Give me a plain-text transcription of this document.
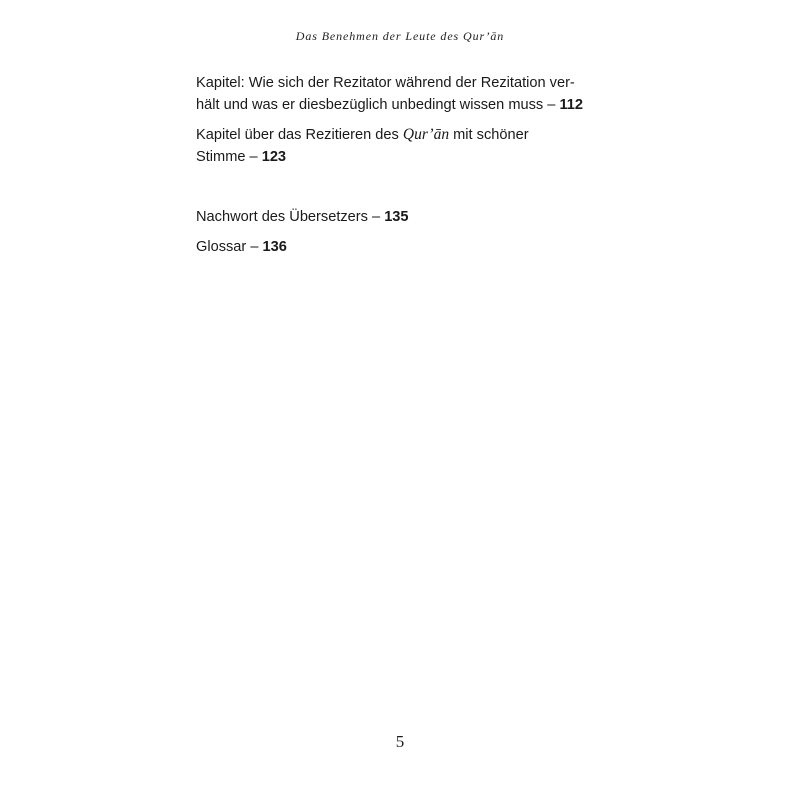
Das Benehmen der Leute des Qur’ān
Kapitel: Wie sich der Rezitator während der Rezitation ver-
hält und was er diesbezüglich unbedingt wissen muss – 112
Kapitel über das Rezitieren des Qur’ān mit schöner
Stimme – 123
Nachwort des Übersetzers – 135
Glossar – 136
5
